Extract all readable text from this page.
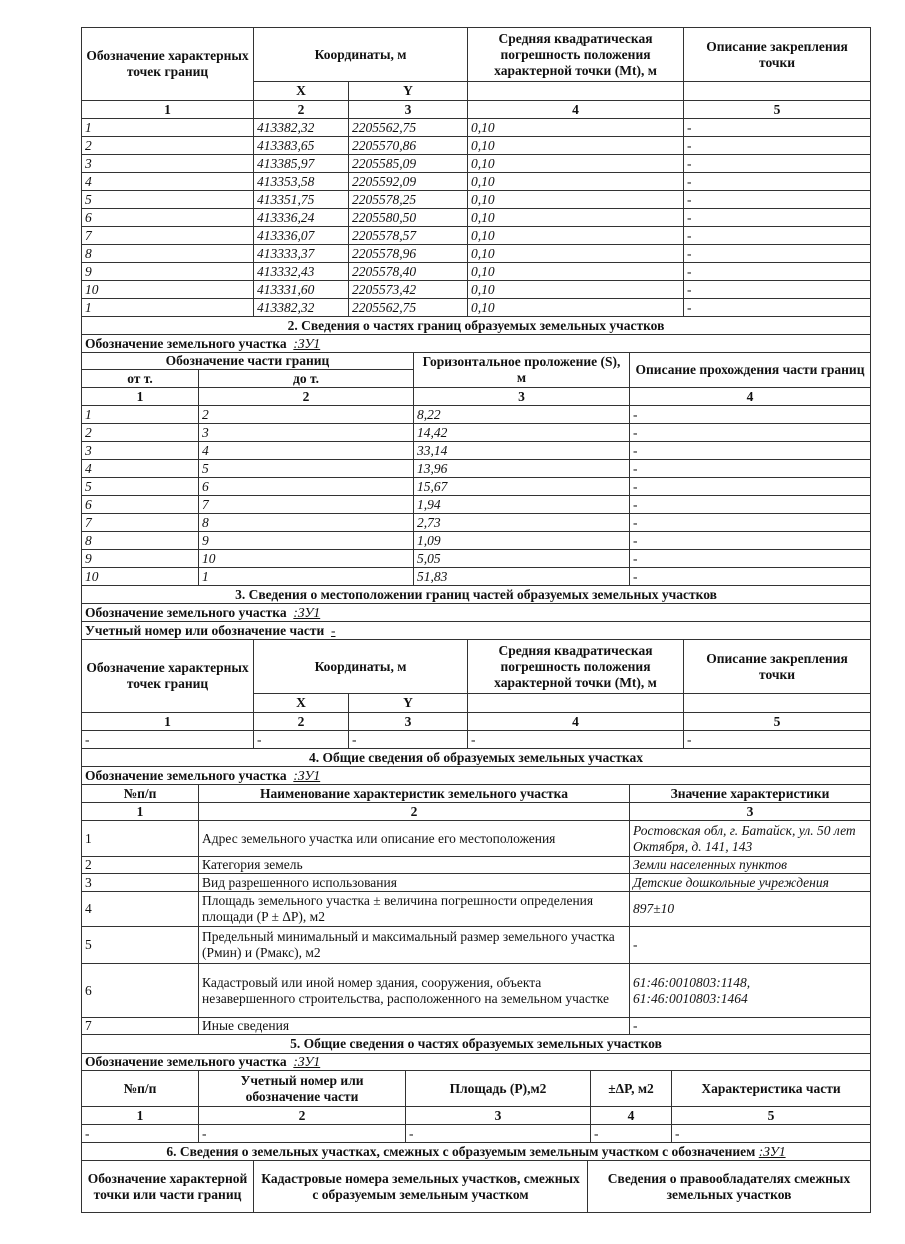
Обозначение характерных точек границ	Координаты, м		Средняя квадратическая погрешность положения характерной точки (Mt), м	Описание закрепления точки
	X	Y		
1	2	3	4	5
1	413382,32	2205562,75	0,10	-
2	413383,65	2205570,86	0,10	-
3	413385,97	2205585,09	0,10	-
4	413353,58	2205592,09	0,10	-
5	413351,75	2205578,25	0,10	-
6	413336,24	2205580,50	0,10	-
7	413336,07	2205578,57	0,10	-
8	413333,37	2205578,96	0,10	-
9	413332,43	2205578,40	0,10	-
10	413331,60	2205573,42	0,10	-
1	413382,32	2205562,75	0,10	-
2. Сведения о частях границ образуемых земельных участков			
Обозначение земельного участка :ЗУ1			
Обозначение части границ		Горизонтальное проложение (S), м	Описание прохождения части границ
от т.	до т.		
1	2	3	4
1	2	8,22	-
2	3	14,42	-
3	4	33,14	-
4	5	13,96	-
5	6	15,67	-
6	7	1,94	-
7	8	2,73	-
8	9	1,09	-
9	10	5,05	-
10	1	51,83	-
3. Сведения о местоположении границ частей образуемых земельных участков				
Обозначение земельного участка :ЗУ1				
Учетный номер или обозначение части -				
Обозначение характерных точек границ	Координаты, м		Средняя квадратическая погрешность положения характерной точки (Mt), м	Описание закрепления точки
	X	Y		
1	2	3	4	5
-	-	-	-	-
4. Общие сведения об образуемых земельных участках		
Обозначение земельного участка :ЗУ1		
№п/п	Наименование характеристик земельного участка	Значение характеристики
1	2	3
1	Адрес земельного участка или описание его местоположения	Ростовская обл, г. Батайск, ул. 50 лет Октября, д. 141, 143
2	Категория земель	Земли населенных пунктов
3	Вид разрешенного использования	Детские дошкольные учреждения
4	Площадь земельного участка ± величина погрешности определения площади (P ± ΔP), м2	897±10
5	Предельный минимальный и максимальный размер земельного участка (Pмин) и (Pмакс), м2	-
6	Кадастровый или иной номер здания, сооружения, объекта незавершенного строительства, расположенного на земельном участке	61:46:0010803:1148, 61:46:0010803:1464
7	Иные сведения	-
5. Общие сведения о частях образуемых земельных участков				
Обозначение земельного участка :ЗУ1				
№п/п	Учетный номер или обозначение части	Площадь (P),м2	±ΔP, м2	Характеристика части
1	2	3	4	5
-	-	-	-	-
6. Сведения о земельных участках, смежных с образуемым земельным участком с обозначением :ЗУ1
Обозначение характерной точки или части границ	Кадастровые номера земельных участков, смежных с образуемым земельным участком	Сведения о правообладателях смежных земельных участков
